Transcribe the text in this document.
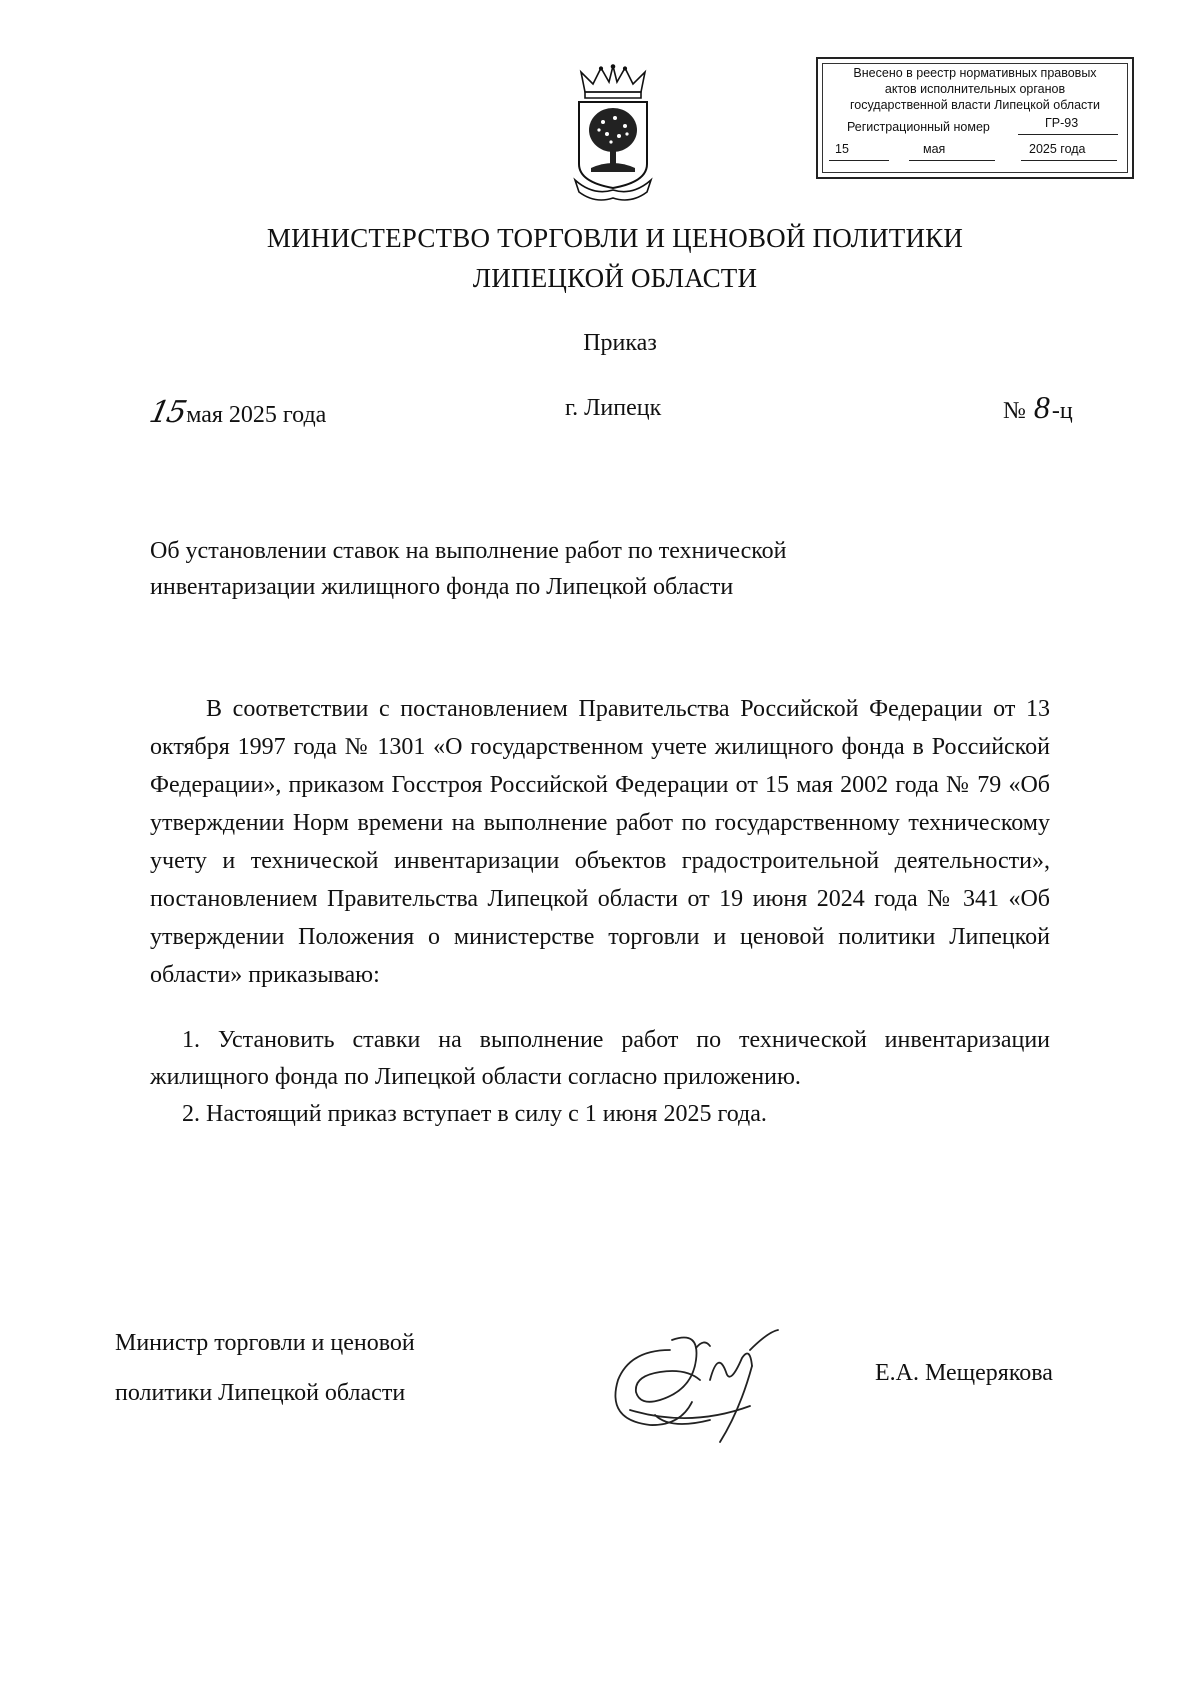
Внесено в реестр нормативных правовых
актов исполнительных органов
государственной власти Липецкой области
Регистрационный номер	ГР-93
15	мая	2025 года
МИНИСТЕРСТВО ТОРГОВЛИ И ЦЕНОВОЙ ПОЛИТИКИ
ЛИПЕЦКОЙ ОБЛАСТИ
Приказ
15мая 2025 года	г. Липецк	№ 8-ц
Об установлении ставок на выполнение работ по технической
инвентаризации жилищного фонда по Липецкой области
В соответствии с постановлением Правительства Российской Федерации от 13 октября 1997 года № 1301 «О государственном учете жилищного фонда в Российской Федерации», приказом Госстроя Российской Федерации от 15 мая 2002 года № 79 «Об утверждении Норм времени на выполнение работ по государственному техническому учету и технической инвентаризации объектов градостроительной деятельности», постановлением Правительства Липецкой области от 19 июня 2024 года № 341 «Об утверждении Положения о министерстве торговли и ценовой политики Липецкой области» приказываю:

1. Установить ставки на выполнение работ по технической инвентаризации жилищного фонда по Липецкой области согласно приложению.

2. Настоящий приказ вступает в силу с 1 июня 2025 года.

Министр торговли и ценовой
политики Липецкой области
Е.А. Мещерякова
